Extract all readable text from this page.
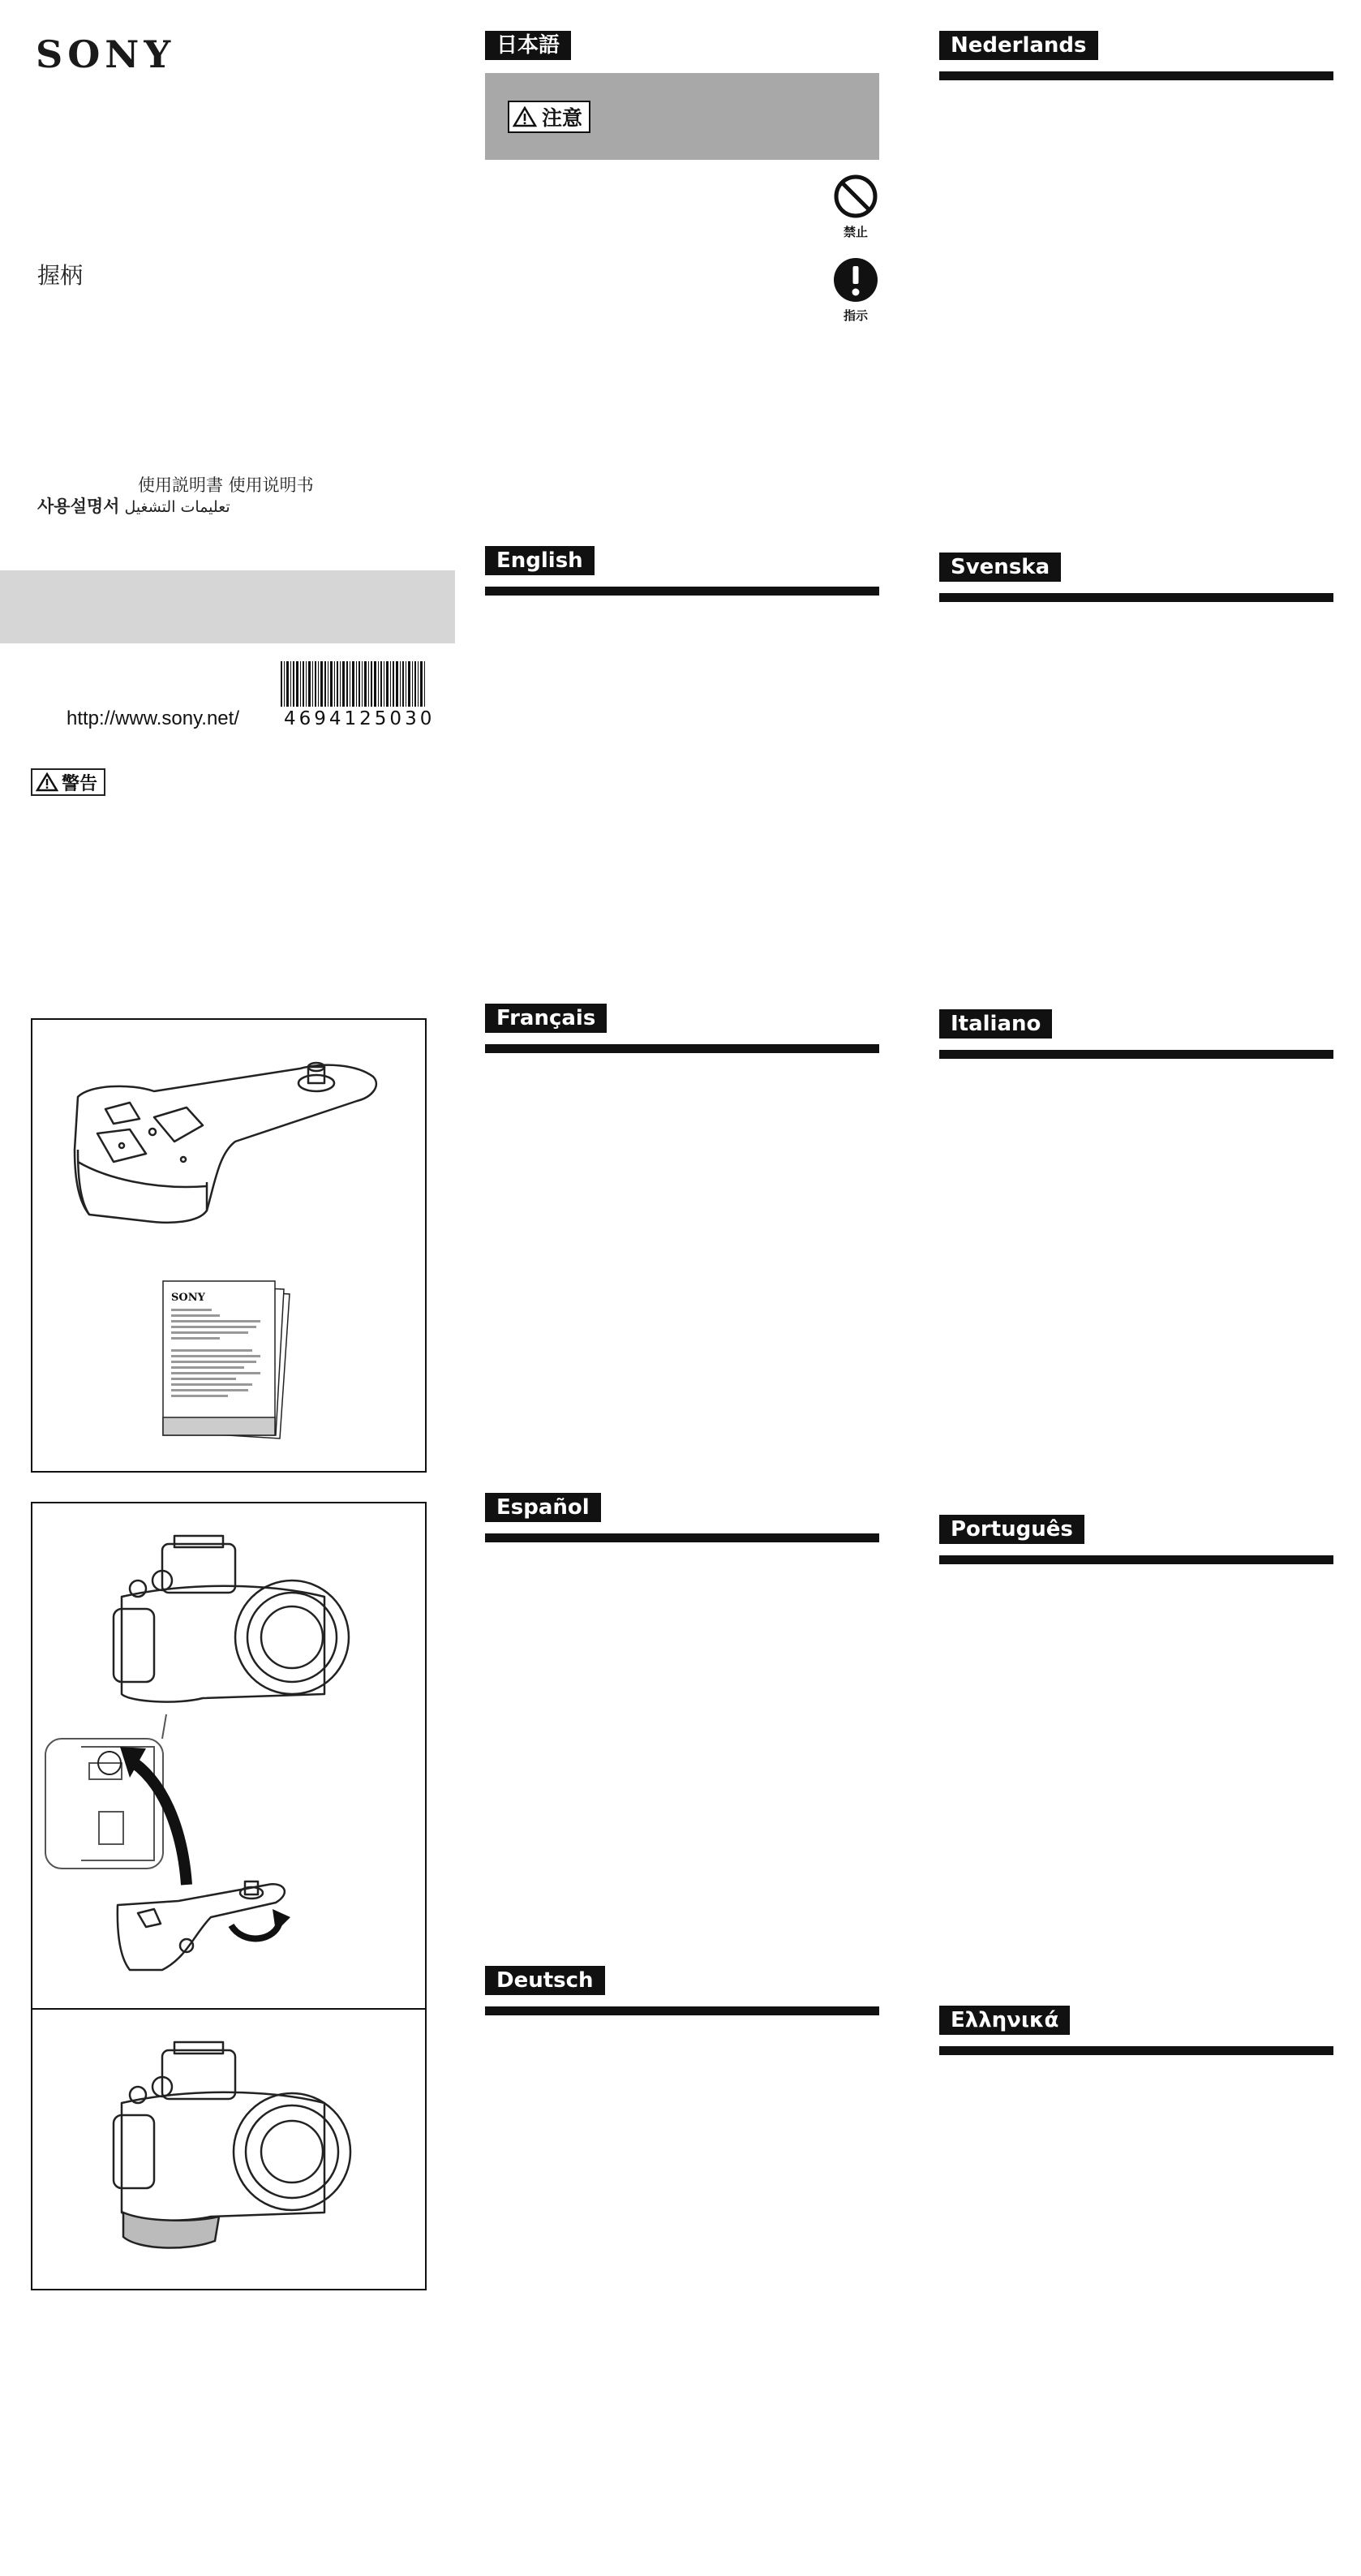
SONY
握柄
使用説明書 使用说明书
사용설명서 تعليمات التشغيل
4694125030
http://www.sony.net/
警告
SONY
日本語
注意
禁止
指示
English
Français
Español
Deutsch
Nederlands
Svenska
Italiano
Português
Ελληνικά
